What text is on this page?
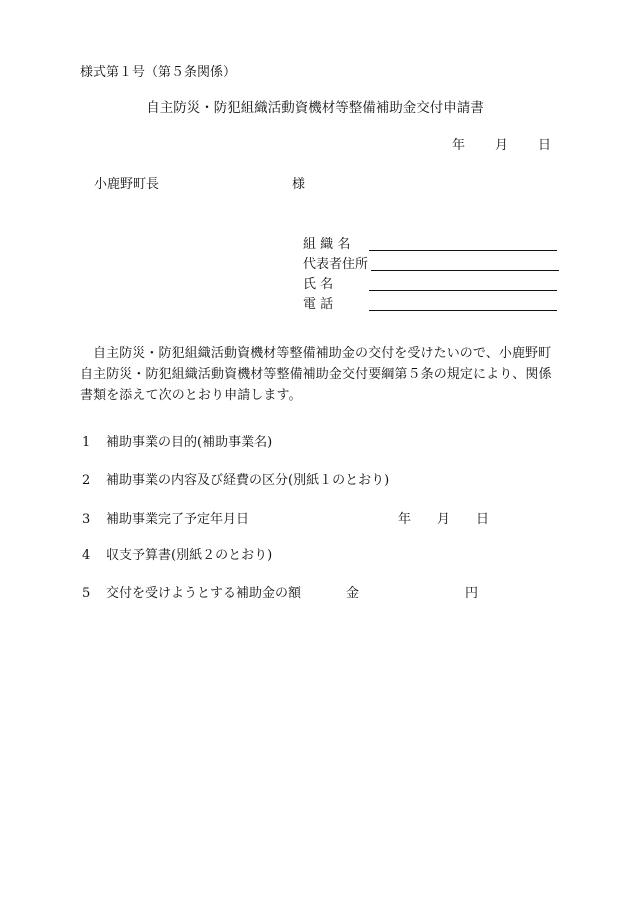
様式第１号（第５条関係）
自主防災・防犯組織活動資機材等整備補助金交付申請書
年 月 日
小鹿野町長	様
組 織 名
代表者住所
氏 名
電 話
自主防災・防犯組織活動資機材等整備補助金の交付を受けたいので、小鹿野町自主防災・防犯組織活動資機材等整備補助金交付要綱第５条の規定により、関係書類を添えて次のとおり申請します。
1 補助事業の目的(補助事業名)
2 補助事業の内容及び経費の区分(別紙１のとおり)
3 補助事業完了予定年月日	年 月 日
4 収支予算書(別紙２のとおり)
5 交付を受けようとする補助金の額	金	円
